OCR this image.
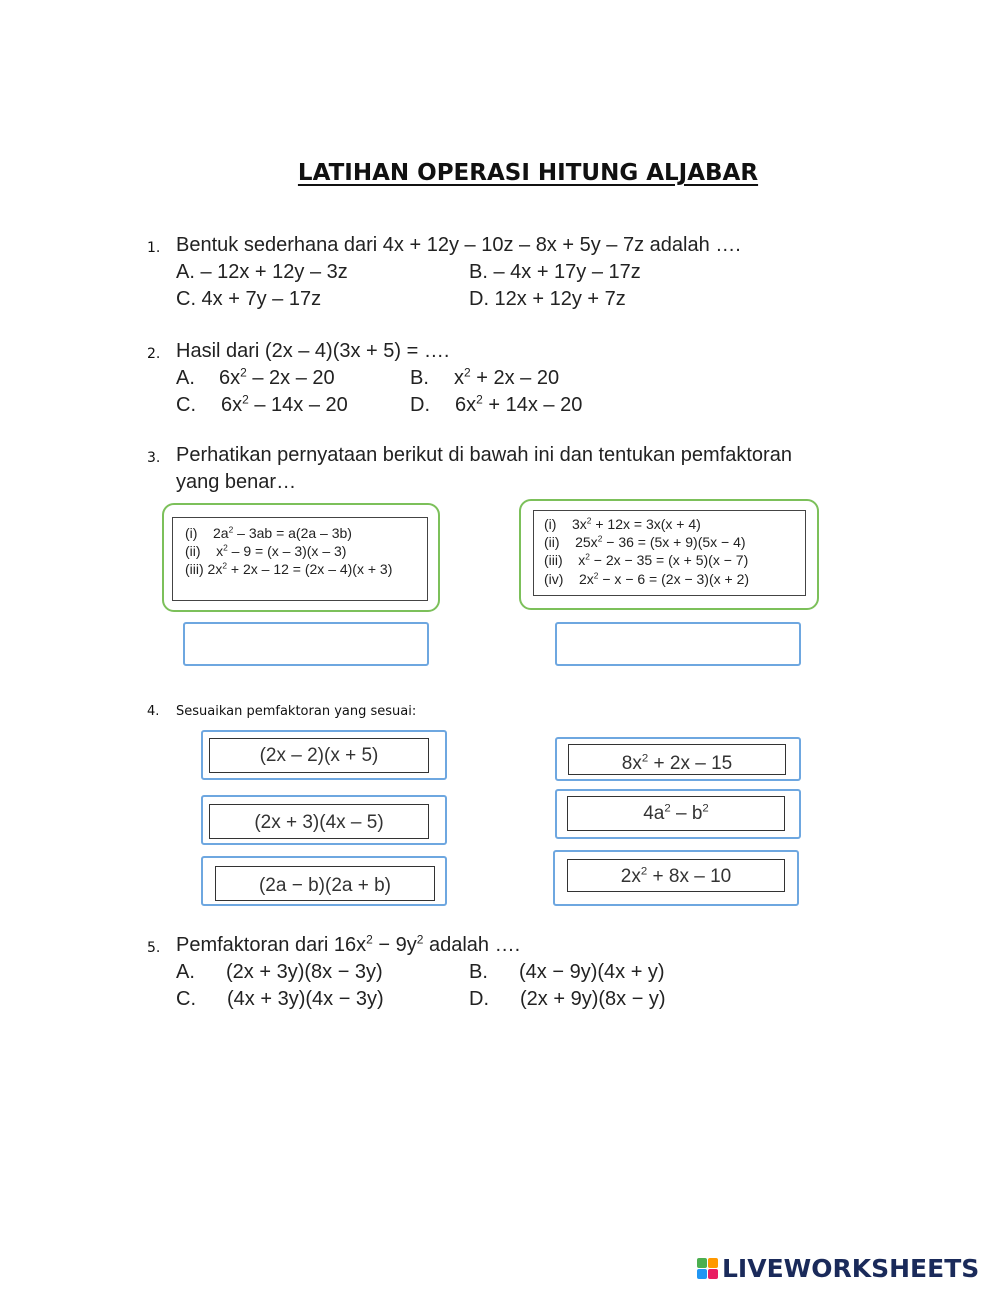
LATIHAN OPERASI HITUNG ALJABAR
1. Bentuk sederhana dari 4x + 12y – 10z – 8x + 5y – 7z adalah ….
A. – 12x + 12y – 3z	B. – 4x + 17y – 17z
C. 4x + 7y – 17z	D. 12x + 12y + 7z
2. Hasil dari (2x – 4)(3x + 5) = ….
A. $6x^2 - 2x - 20$	B. $x^2 + 2x - 20$
C. $6x^2 - 14x - 20$	D. $6x^2 + 14x - 20$
3. Perhatikan pernyataan berikut di bawah ini dan tentukan pemfaktoran
yang benar…
(i) $2a^2 - 3ab = a(2a - 3b)$
(ii) $x^2 - 9 = (x - 3)(x - 3)$
(iii) $2x^2 + 2x - 12 = (2x - 4)(x + 3)$
(i) $3x^2 + 12x = 3x(x + 4)$
(ii) $25x^2 - 36 = (5x + 9)(5x - 4)$
(iii) $x^2 - 2x - 35 = (x + 5)(x - 7)$
(iv) $2x^2 - x - 6 = (2x - 3)(x + 2)$
4. Sesuaikan pemfaktoran yang sesuai:
(2x – 2)(x + 5)
(2x + 3)(4x – 5)
(2a − b)(2a + b)
$8x^2 + 2x - 15$
$4a^2 - b^2$
$2x^2 + 8x - 10$
5. Pemfaktoran dari $16x^2 - 9y^2$ adalah ….
A. (2x + 3y)(8x − 3y)	B. (4x − 9y)(4x + y)
C. (4x + 3y)(4x − 3y)	D. (2x + 9y)(8x − y)
LIVEWORKSHEETS
